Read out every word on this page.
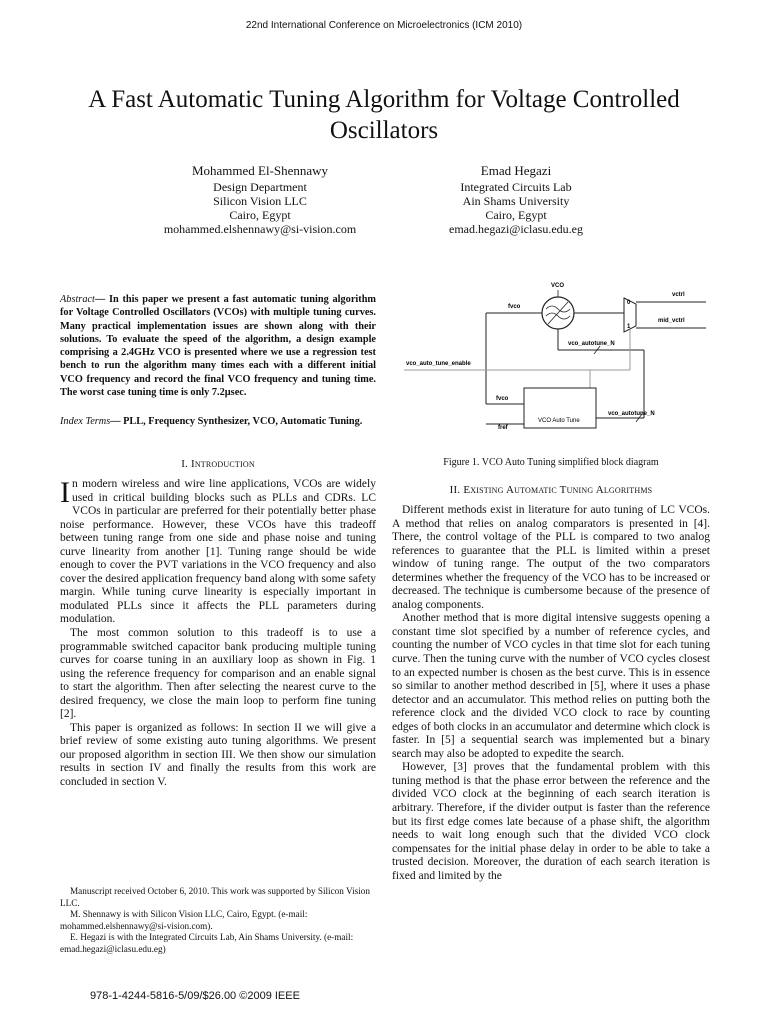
22nd International Conference on Microelectronics (ICM 2010)
A Fast Automatic Tuning Algorithm for Voltage Controlled Oscillators
Mohammed El-Shennawy
Design Department
Silicon Vision LLC
Cairo, Egypt
mohammed.elshennawy@si-vision.com
Emad Hegazi
Integrated Circuits Lab
Ain Shams University
Cairo, Egypt
emad.hegazi@iclasu.edu.eg
Abstract— In this paper we present a fast automatic tuning algorithm for Voltage Controlled Oscillators (VCOs) with multiple tuning curves. Many practical implementation issues are shown along with their solutions. To evaluate the speed of the algorithm, a design example comprising a 2.4GHz VCO is presented where we use a regression test bench to run the algorithm many times each with a different initial VCO frequency and record the final VCO frequency and tuning time. The worst case tuning time is only 7.2µsec.
Index Terms— PLL, Frequency Synthesizer, VCO, Automatic Tuning.
I. Introduction

In modern wireless and wire line applications, VCOs are widely used in critical building blocks such as PLLs and CDRs. LC VCOs in particular are preferred for their potentially better phase noise performance. However, these VCOs have this tradeoff between tuning range from one side and phase noise and tuning curve linearity from another [1]. Tuning range should be wide enough to cover the PVT variations in the VCO frequency and also cover the desired application frequency band along with some safety margin. While tuning curve linearity is especially important in modulated PLLs since it affects the PLL parameters during modulation.

The most common solution to this tradeoff is to use a programmable switched capacitor bank producing multiple tuning curves for coarse tuning in an auxiliary loop as shown in Fig. 1 using the reference frequency for comparison and an enable signal to start the algorithm. Then after selecting the nearest curve to the desired frequency, we close the main loop to perform fine tuning [2].

This paper is organized as follows: In section II we will give a brief review of some existing auto tuning algorithms. We present our proposed algorithm in section III. We then show our simulation results in section IV and finally the results from this work are concluded in section V.

Manuscript received October 6, 2010. This work was supported by Silicon Vision LLC.

M. Shennawy is with Silicon Vision LLC, Cairo, Egypt. (e-mail: mohammed.elshennawy@si-vision.com).

E. Hegazi is with the Integrated Circuits Lab, Ain Shams University. (e-mail: emad.hegazi@iclasu.edu.eg)

978-1-4244-5816-5/09/$26.00 ©2009 IEEE
VCO
fvco
0
1
vctrl
mid_vctrl
vco_autotune_N
vco_auto_tune_enable
VCO Auto Tune
fvco
fref
vco_autotune_N
Figure 1. VCO Auto Tuning simplified block diagram
II. Existing Automatic Tuning Algorithms

Different methods exist in literature for auto tuning of LC VCOs. A method that relies on analog comparators is presented in [4]. There, the control voltage of the PLL is compared to two analog references to guarantee that the PLL is limited within a preset window of tuning range. The output of the two comparators determines whether the frequency of the VCO has to be increased or decreased. The technique is cumbersome because of the presence of analog components.

Another method that is more digital intensive suggests opening a constant time slot specified by a number of reference cycles, and counting the number of VCO cycles in that time slot for each tuning curve. Then the tuning curve with the number of VCO cycles closest to an expected number is chosen as the best curve. This is in essence so similar to another method described in [5], where it uses a phase detector and an accumulator. This method relies on putting both the reference clock and the divided VCO clock to race by counting edges of both clocks in an accumulator and determine which clock is faster. In [5] a sequential search was implemented but a binary search may also be adopted to expedite the search.

However, [3] proves that the fundamental problem with this tuning method is that the phase error between the reference and the divided VCO clock at the beginning of each search iteration is arbitrary. Therefore, if the divider output is faster than the reference but its first edge comes late because of a phase shift, the algorithm needs to wait long enough such that the divided VCO clock compensates for the initial phase delay in order to be able to take a trusted decision. Moreover, the duration of each search iteration is fixed and limited by the
